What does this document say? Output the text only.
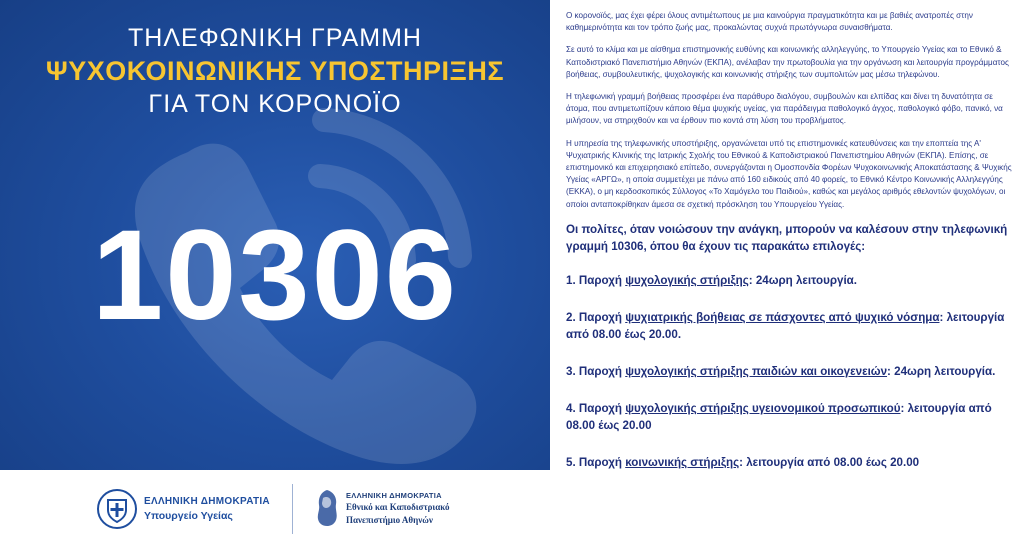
ΤΗΛΕΦΩΝΙΚΗ ΓΡΑΜΜΗ
ΨΥΧΟΚΟΙΝΩΝΙΚΗΣ ΥΠΟΣΤΗΡΙΞΗΣ
ΓΙΑ ΤΟΝ ΚΟΡΟΝΟΪΟ
10306
ΕΛΛΗΝΙΚΗ ΔΗΜΟΚΡΑΤΙΑ
Υπουργείο Υγείας
ΕΛΛΗΝΙΚΗ ΔΗΜΟΚΡΑΤΙΑ
Εθνικό και Καποδιστριακό
Πανεπιστήμιο Αθηνών

Ο κορονοϊός, μας έχει φέρει όλους αντιμέτωπους με μια καινούργια πραγματικότητα και με βαθιές ανατροπές στην καθημερινότητα και τον τρόπο ζωής μας, προκαλώντας συχνά πρωτόγνωρα συναισθήματα.

Σε αυτό το κλίμα και με αίσθημα επιστημονικής ευθύνης και κοινωνικής αλληλεγγύης, το Υπουργείο Υγείας και το Εθνικό & Καποδιστριακό Πανεπιστήμιο Αθηνών (ΕΚΠΑ), ανέλαβαν την πρωτοβουλία για την οργάνωση και λειτουργία προγράμματος βοήθειας, συμβουλευτικής, ψυχολογικής και κοινωνικής στήριξης των συμπολιτών μας μέσω τηλεφώνου.

Η τηλεφωνική γραμμή βοήθειας προσφέρει ένα παράθυρο διαλόγου, συμβουλών και ελπίδας και δίνει τη δυνατότητα σε άτομα, που αντιμετωπίζουν κάποιο θέμα ψυχικής υγείας, για παράδειγμα παθολογικό άγχος, παθολογικό φόβο, πανικό, να μιλήσουν, να στηριχθούν και να έρθουν πιο κοντά στη λύση του προβλήματος.

Η υπηρεσία της τηλεφωνικής υποστήριξης, οργανώνεται υπό τις επιστημονικές κατευθύνσεις και την εποπτεία της Α' Ψυχιατρικής Κλινικής της Ιατρικής Σχολής του Εθνικού & Καποδιστριακού Πανεπιστημίου Αθηνών (ΕΚΠΑ). Επίσης, σε επιστημονικό και επιχειρησιακό επίπεδο, συνεργάζονται η Ομοσπονδία Φορέων Ψυχοκοινωνικής Αποκατάστασης & Ψυχικής Υγείας «ΑΡΓΩ», η οποία συμμετέχει με πάνω από 160 ειδικούς από 40 φορείς, το Εθνικό Κέντρο Κοινωνικής Αλληλεγγύης (ΕΚΚΑ), ο μη κερδοσκοπικός Σύλλογος «Το Χαμόγελο του Παιδιού», καθώς και μεγάλος αριθμός εθελοντών ψυχολόγων, οι οποίοι ανταποκρίθηκαν άμεσα σε σχετική πρόσκληση του Υπουργείου Υγείας.

Οι πολίτες, όταν νοιώσουν την ανάγκη, μπορούν να καλέσουν στην τηλεφωνική γραμμή 10306, όπου θα έχουν τις παρακάτω επιλογές:

1. Παροχή ψυχολογικής στήριξης: 24ωρη λειτουργία.

2. Παροχή ψυχιατρικής βοήθειας σε πάσχοντες από ψυχικό νόσημα: λειτουργία από 08.00 έως 20.00.

3. Παροχή ψυχολογικής στήριξης παιδιών και οικογενειών: 24ωρη λειτουργία.

4. Παροχή ψυχολογικής στήριξης υγειονομικού προσωπικού: λειτουργία από 08.00 έως 20.00

5. Παροχή κοινωνικής στήριξης: λειτουργία από 08.00 έως 20.00
